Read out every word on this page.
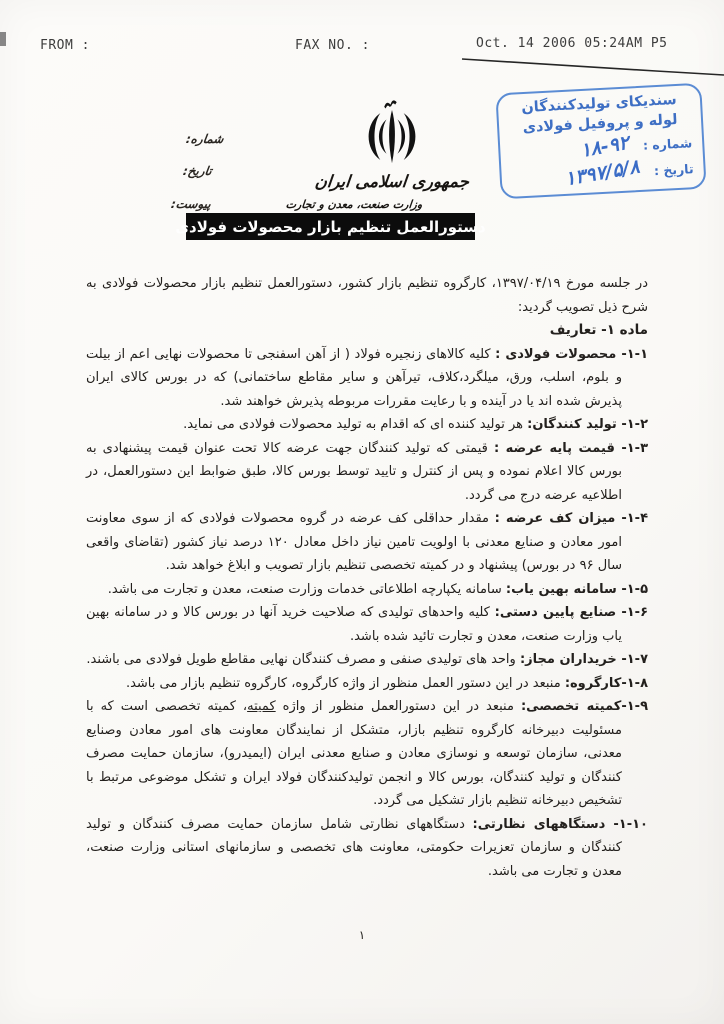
FROM :	FAX NO. :	Oct. 14 2006 05:24AM P5
سندیکای تولیدکنندگان
لوله و پروفیل فولادی
شماره :
۱۸-۹۲
تاریخ :
۱۳۹۷/۵/۸
شماره:
تاریخ:
پیوست:
جمهوری اسلامی ایران
وزارت صنعت، معدن و تجارت
دستورالعمل تنظیم بازار محصولات فولادی

در جلسه مورخ ۱۳۹۷/۰۴/۱۹، کارگروه تنظیم بازار کشور، دستورالعمل تنظیم بازار محصولات فولادی به شرح ذیل تصویب گردید:

ماده ۱- تعاریف

۱-۱- محصولات فولادی : کلیه کالاهای زنجیره فولاد ( از آهن اسفنجی تا محصولات نهایی اعم از بیلت و بلوم، اسلب، ورق، میلگرد،کلاف، تیرآهن و سایر مقاطع ساختمانی) که در بورس کالای ایران پذیرش شده اند یا در آینده و با رعایت مقررات مربوطه پذیرش خواهند شد.

۱-۲- تولید کنندگان: هر تولید کننده ای که اقدام به تولید محصولات فولادی می نماید.

۱-۳- قیمت پایه عرضه : قیمتی که تولید کنندگان جهت عرضه کالا تحت عنوان قیمت پیشنهادی به بورس کالا اعلام نموده و پس از کنترل و تایید توسط بورس کالا، طبق ضوابط این دستورالعمل، در اطلاعیه عرضه درج می گردد.

۱-۴- میزان کف عرضه : مقدار حداقلی کف عرضه در گروه محصولات فولادی که از سوی معاونت امور معادن و صنایع معدنی با اولویت تامین نیاز داخل معادل ۱۲۰ درصد نیاز کشور (تقاضای واقعی سال ۹۶ در بورس) پیشنهاد و در کمیته تخصصی تنظیم بازار تصویب و ابلاغ خواهد شد.

۱-۵- سامانه بهین یاب: سامانه یکپارچه اطلاعاتی خدمات وزارت صنعت، معدن و تجارت می باشد.

۱-۶- صنایع پایین دستی: کلیه واحدهای تولیدی که صلاحیت خرید آنها در بورس کالا و در سامانه بهین یاب وزارت صنعت، معدن و تجارت تائید شده باشد.

۱-۷- خریداران مجاز: واحد های تولیدی صنفی و مصرف کنندگان نهایی مقاطع طویل فولادی می باشند.

۱-۸-کارگروه: منبعد در این دستور العمل منظور از واژه کارگروه، کارگروه تنظیم بازار می باشد.

۱-۹-کمیته تخصصی: منبعد در این دستورالعمل منظور از واژه کمیته، کمیته تخصصی است که با مسئولیت دبیرخانه کارگروه تنظیم بازار، متشکل از نمایندگان معاونت های امور معادن وصنایع معدنی، سازمان توسعه و نوسازی معادن و صنایع معدنی ایران (ایمیدرو)، سازمان حمایت مصرف کنندگان و تولید کنندگان، بورس کالا و انجمن تولیدکنندگان فولاد ایران و تشکل موضوعی مرتبط با تشخیص دبیرخانه تنظیم بازار تشکیل می گردد.

۱-۱۰- دستگاههای نظارتی: دستگاههای نظارتی شامل سازمان حمایت مصرف کنندگان و تولید کنندگان و سازمان تعزیرات حکومتی، معاونت های تخصصی و سازمانهای استانی وزارت صنعت، معدن و تجارت می باشد.

۱
